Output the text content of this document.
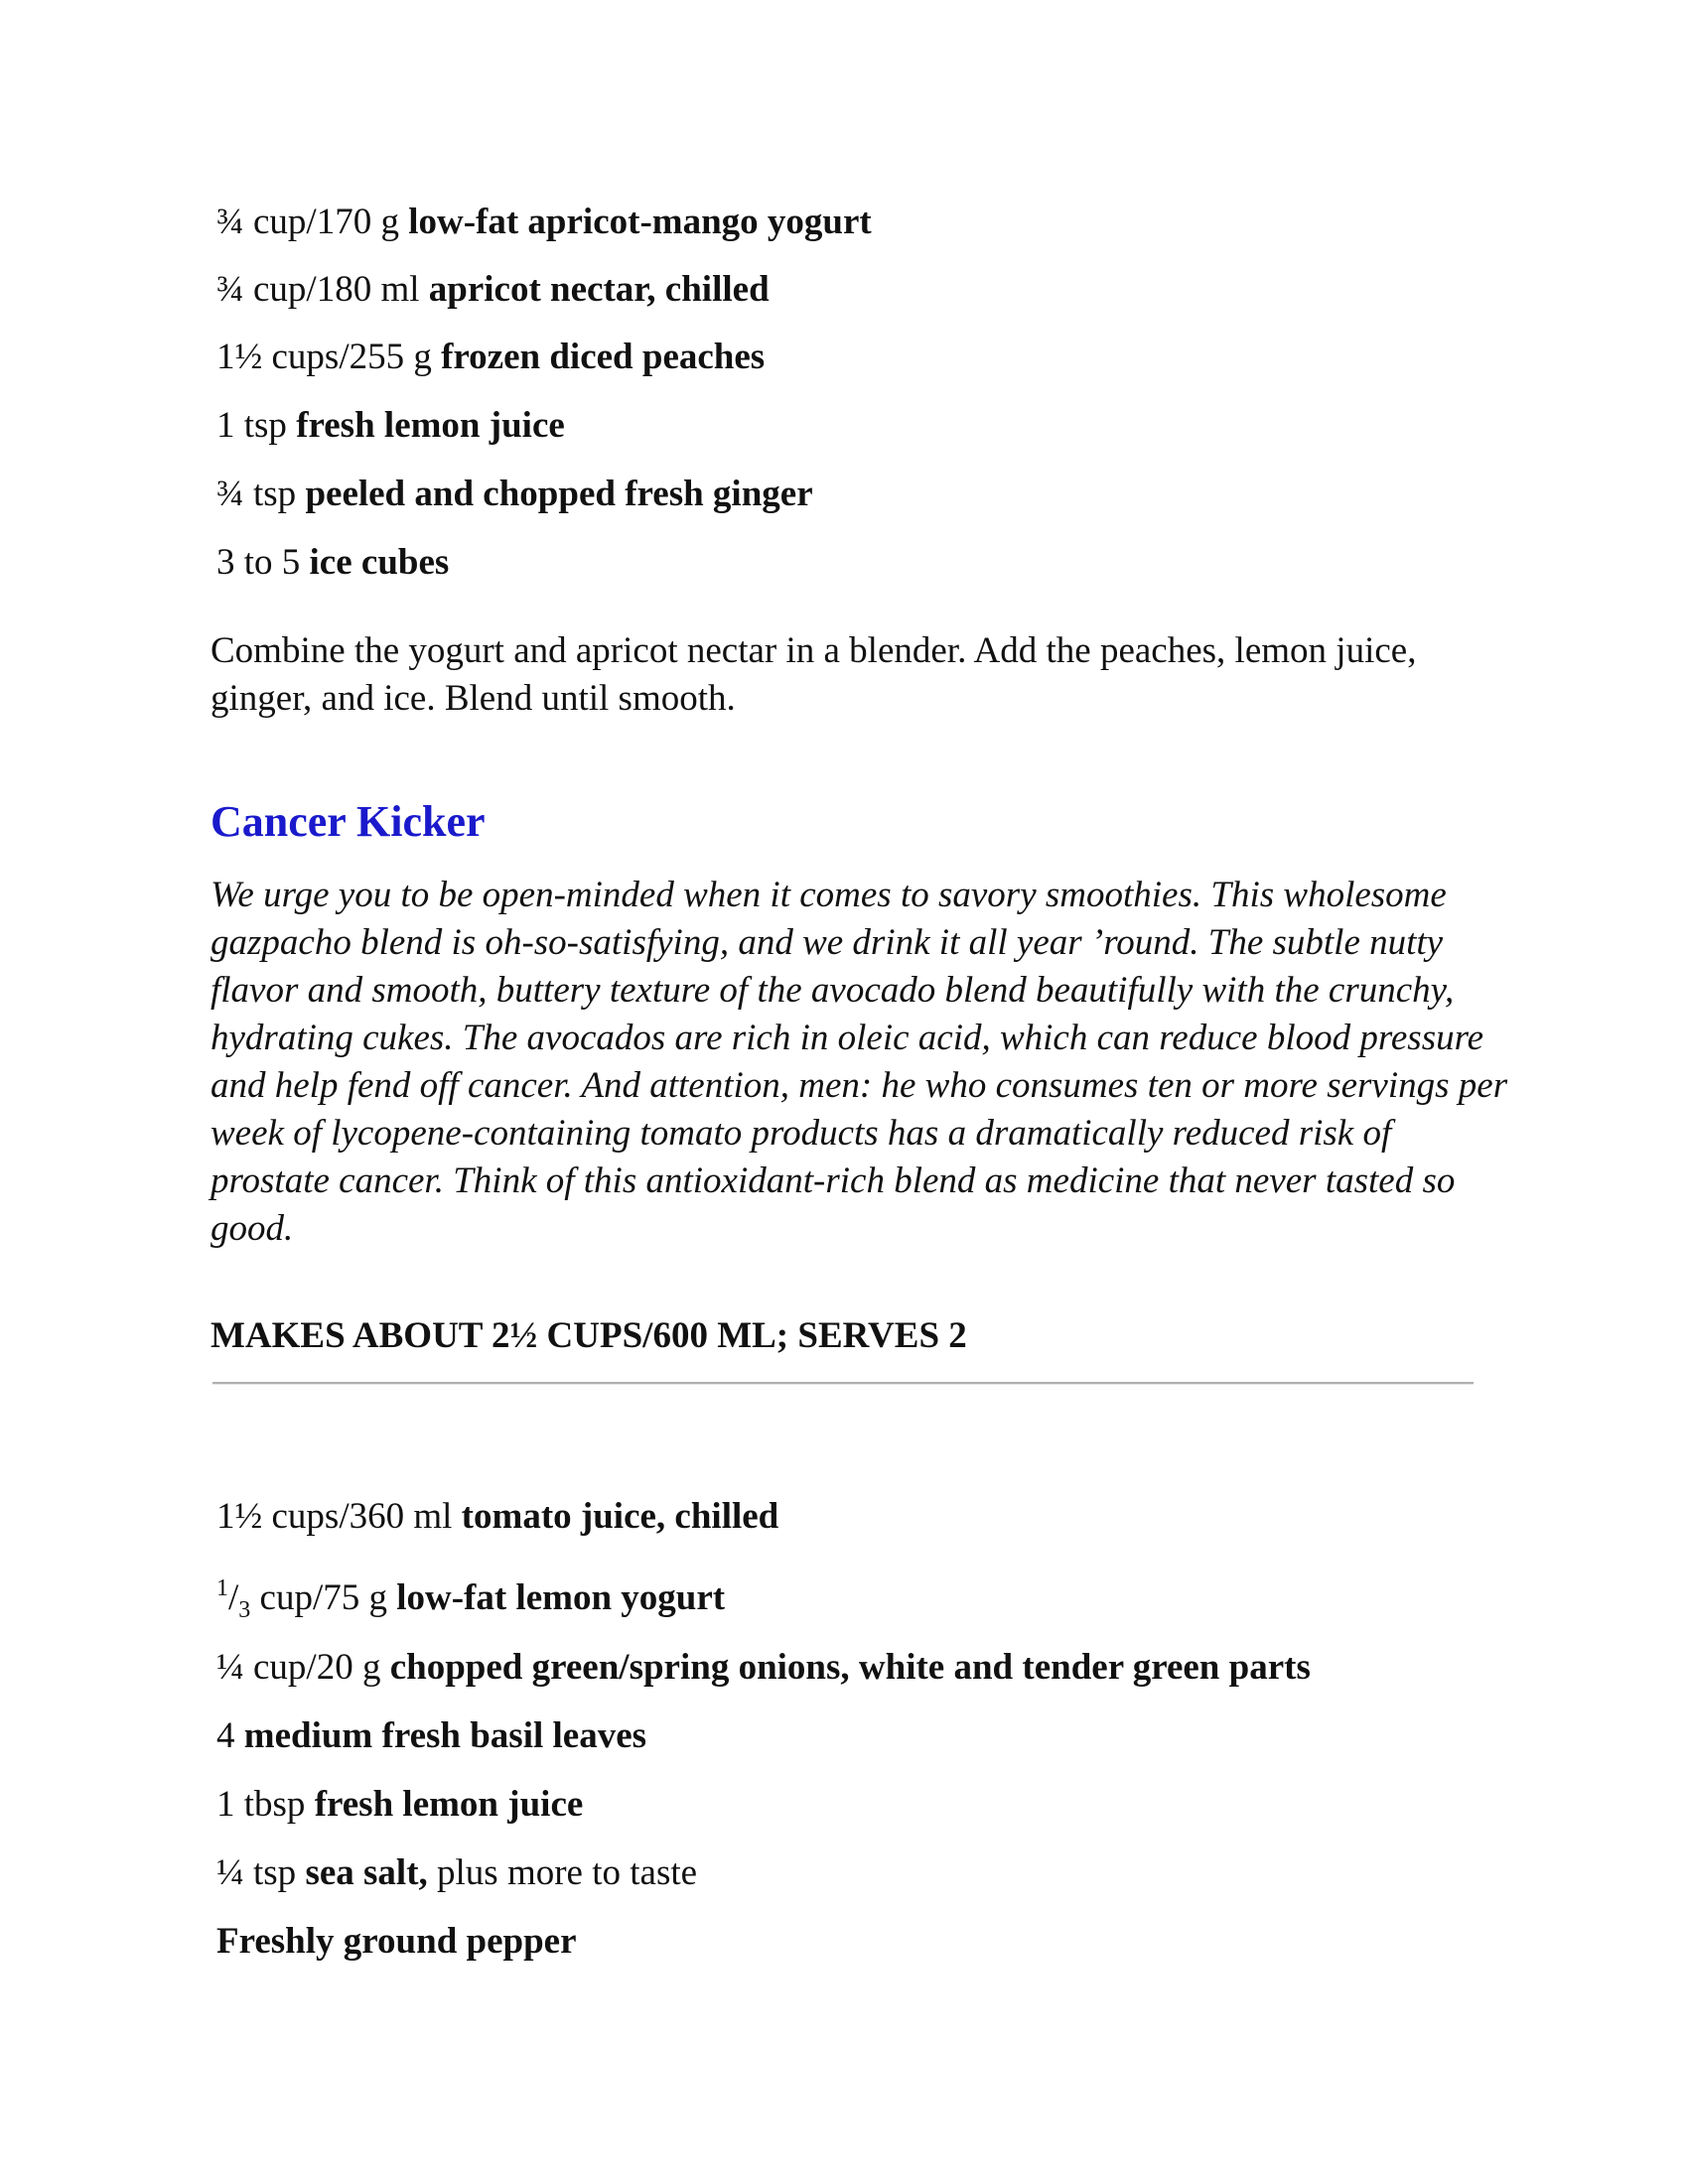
¾ cup/170 g low-fat apricot-mango yogurt
¾ cup/180 ml apricot nectar, chilled
1½ cups/255 g frozen diced peaches
1 tsp fresh lemon juice
¾ tsp peeled and chopped fresh ginger
3 to 5 ice cubes
Combine the yogurt and apricot nectar in a blender. Add the peaches, lemon juice, ginger, and ice. Blend until smooth.
Cancer Kicker
We urge you to be open-minded when it comes to savory smoothies. This wholesome gazpacho blend is oh-so-satisfying, and we drink it all year ’round. The subtle nutty flavor and smooth, buttery texture of the avocado blend beautifully with the crunchy, hydrating cukes. The avocados are rich in oleic acid, which can reduce blood pressure and help fend off cancer. And attention, men: he who consumes ten or more servings per week of lycopene-containing tomato products has a dramatically reduced risk of prostate cancer. Think of this antioxidant-rich blend as medicine that never tasted so good.
MAKES ABOUT 2½ CUPS/600 ML; SERVES 2
1½ cups/360 ml tomato juice, chilled
$^1/_3$ cup/75 g low-fat lemon yogurt
¼ cup/20 g chopped green/spring onions, white and tender green parts
4 medium fresh basil leaves
1 tbsp fresh lemon juice
¼ tsp sea salt, plus more to taste
Freshly ground pepper
